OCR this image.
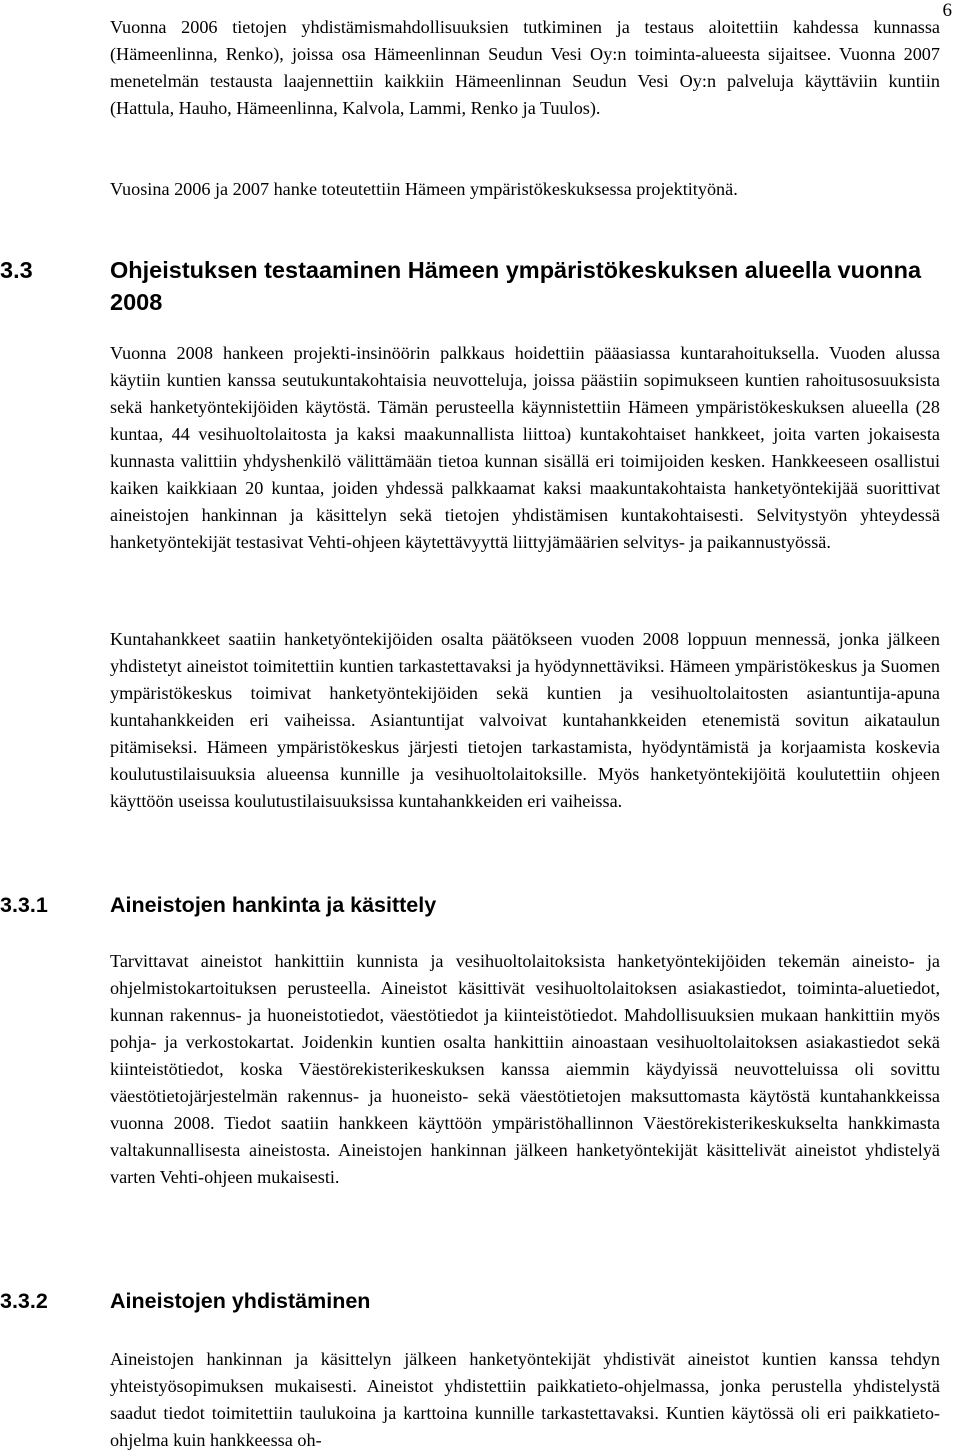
6

Vuonna 2006 tietojen yhdistämismahdollisuuksien tutkiminen ja testaus aloitettiin kahdessa kunnassa (Hämeenlinna, Renko), joissa osa Hämeenlinnan Seudun Vesi Oy:n toiminta-alueesta sijaitsee. Vuonna 2007 menetelmän testausta laajennettiin kaikkiin Hämeenlinnan Seudun Vesi Oy:n palveluja käyttäviin kuntiin (Hattula, Hauho, Hämeenlinna, Kalvola, Lammi, Renko ja Tuulos).

Vuosina 2006 ja 2007 hanke toteutettiin Hämeen ympäristökeskuksessa projektityönä.

3.3	Ohjeistuksen testaaminen Hämeen ympäristökeskuksen alueella vuonna 2008

Vuonna 2008 hankeen projekti-insinöörin palkkaus hoidettiin pääasiassa kuntarahoituksella. Vuoden alussa käytiin kuntien kanssa seutukuntakohtaisia neuvotteluja, joissa päästiin sopimukseen kuntien rahoitusosuuksista sekä hanketyöntekijöiden käytöstä. Tämän perusteella käynnistettiin Hämeen ympäristökeskuksen alueella (28 kuntaa, 44 vesihuoltolaitosta ja kaksi maakunnallista liittoa) kuntakohtaiset hankkeet, joita varten jokaisesta kunnasta valittiin yhdyshenkilö välittämään tietoa kunnan sisällä eri toimijoiden kesken. Hankkeeseen osallistui kaiken kaikkiaan 20 kuntaa, joiden yhdessä palkkaamat kaksi maakuntakohtaista hanketyöntekijää suorittivat aineistojen hankinnan ja käsittelyn sekä tietojen yhdistämisen kuntakohtaisesti. Selvitystyön yhteydessä hanketyöntekijät testasivat Vehti-ohjeen käytettävyyttä liittyjämäärien selvitys- ja paikannustyössä.

Kuntahankkeet saatiin hanketyöntekijöiden osalta päätökseen vuoden 2008 loppuun mennessä, jonka jälkeen yhdistetyt aineistot toimitettiin kuntien tarkastettavaksi ja hyödynnettäviksi. Hämeen ympäristökeskus ja Suomen ympäristökeskus toimivat hanketyöntekijöiden sekä kuntien ja vesihuoltolaitosten asiantuntija-apuna kuntahankkeiden eri vaiheissa. Asiantuntijat valvoivat kuntahankkeiden etenemistä sovitun aikataulun pitämiseksi. Hämeen ympäristökeskus järjesti tietojen tarkastamista, hyödyntämistä ja korjaamista koskevia koulutustilaisuuksia alueensa kunnille ja vesihuoltolaitoksille. Myös hanketyöntekijöitä koulutettiin ohjeen käyttöön useissa koulutustilaisuuksissa kuntahankkeiden eri vaiheissa.

3.3.1	Aineistojen hankinta ja käsittely

Tarvittavat aineistot hankittiin kunnista ja vesihuoltolaitoksista hanketyöntekijöiden tekemän aineisto- ja ohjelmistokartoituksen perusteella. Aineistot käsittivät vesihuoltolaitoksen asiakastiedot, toiminta-aluetiedot, kunnan rakennus- ja huoneistotiedot, väestötiedot ja kiinteistötiedot. Mahdollisuuksien mukaan hankittiin myös pohja- ja verkostokartat. Joidenkin kuntien osalta hankittiin ainoastaan vesihuoltolaitoksen asiakastiedot sekä kiinteistötiedot, koska Väestörekisterikeskuksen kanssa aiemmin käydyissä neuvotteluissa oli sovittu väestötietojärjestelmän rakennus- ja huoneisto- sekä väestötietojen maksuttomasta käytöstä kuntahankkeissa vuonna 2008. Tiedot saatiin hankkeen käyttöön ympäristöhallinnon Väestörekisterikeskukselta hankkimasta valtakunnallisesta aineistosta. Aineistojen hankinnan jälkeen hanketyöntekijät käsittelivät aineistot yhdistelyä varten Vehti-ohjeen mukaisesti.

3.3.2	Aineistojen yhdistäminen

Aineistojen hankinnan ja käsittelyn jälkeen hanketyöntekijät yhdistivät aineistot kuntien kanssa tehdyn yhteistyösopimuksen mukaisesti. Aineistot yhdistettiin paikkatieto-ohjelmassa, jonka perustella yhdistelystä saadut tiedot toimitettiin taulukoina ja karttoina kunnille tarkastettavaksi. Kuntien käytössä oli eri paikkatieto-ohjelma kuin hankkeessa oh-
